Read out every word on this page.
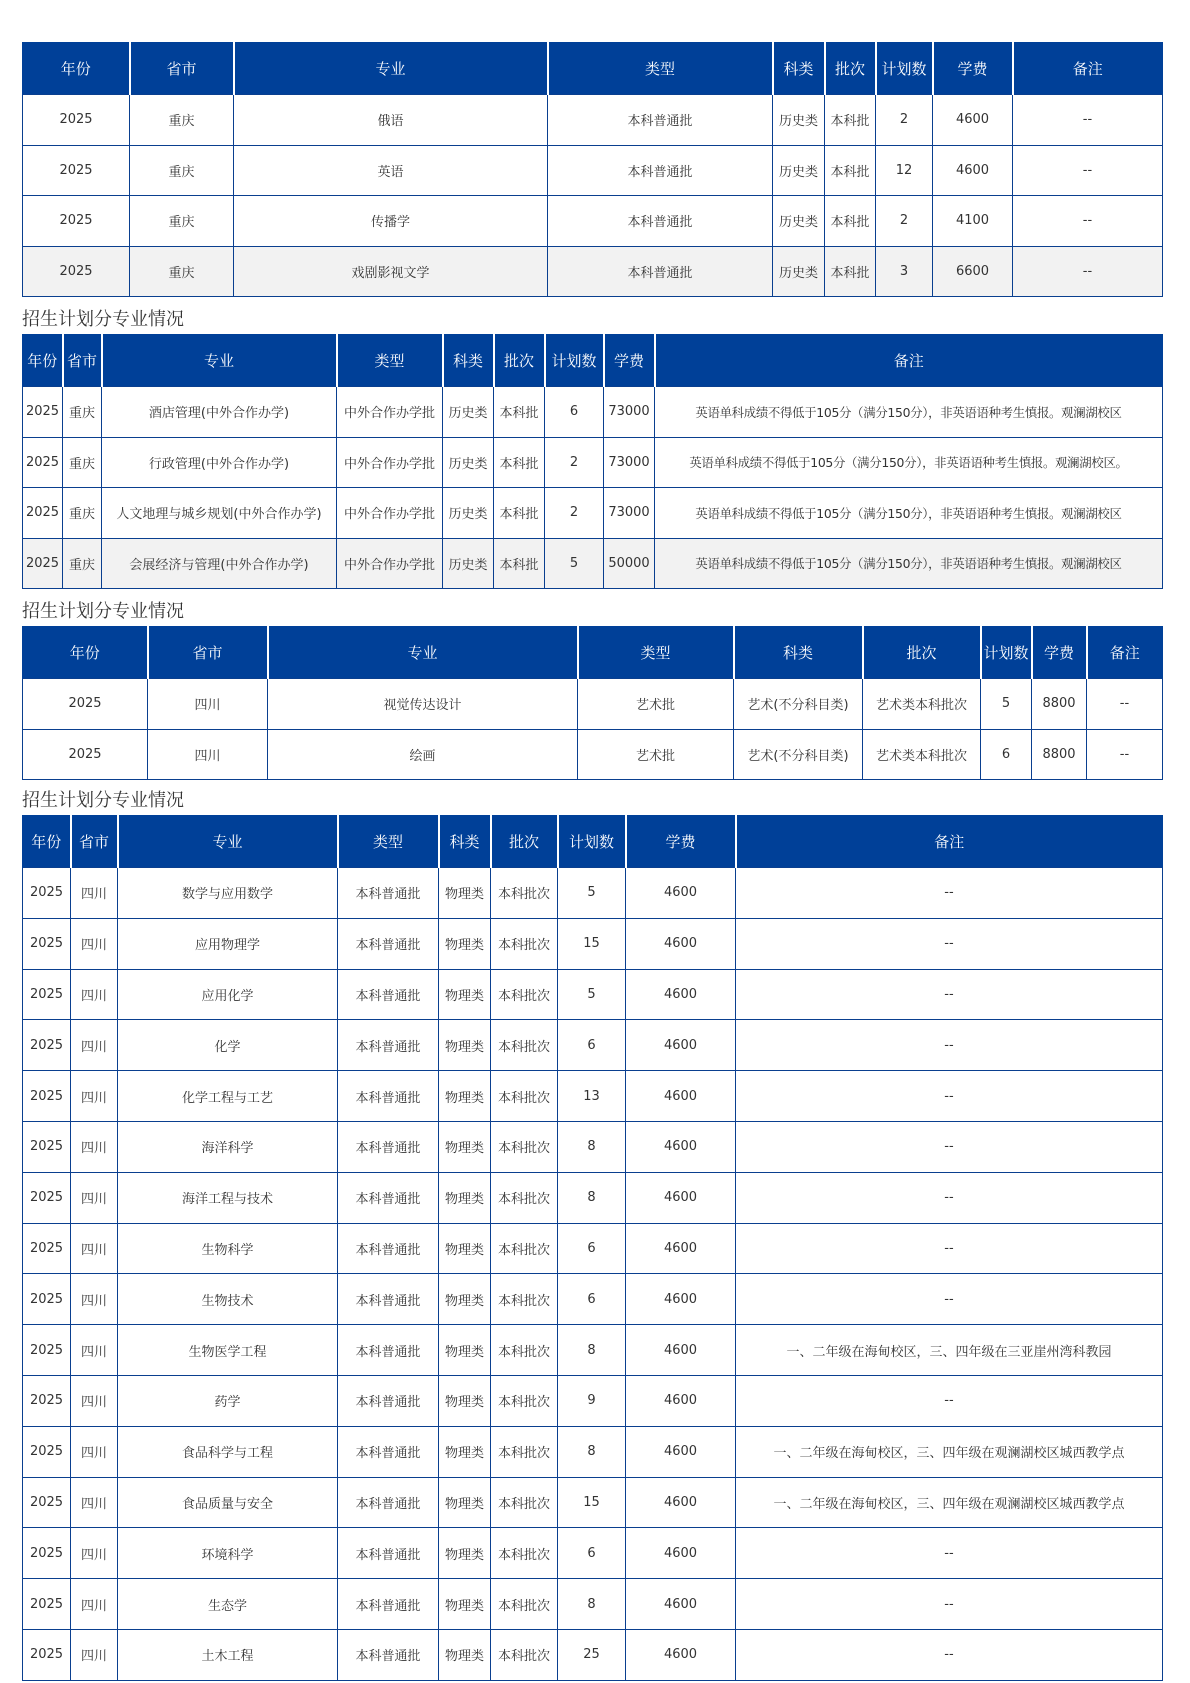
招生计划分专业情况
招生计划分专业情况
招生计划分专业情况
年份	省市	专业	类型	科类	批次	计划数	学费	备注
2025	重庆	俄语	本科普通批	历史类	本科批	2	4600	--
2025	重庆	英语	本科普通批	历史类	本科批	12	4600	--
2025	重庆	传播学	本科普通批	历史类	本科批	2	4100	--
2025	重庆	戏剧影视文学	本科普通批	历史类	本科批	3	6600	--
年份	省市	专业	类型	科类	批次	计划数	学费	备注
2025	重庆	酒店管理(中外合作办学)	中外合作办学批	历史类	本科批	6	73000	英语单科成绩不得低于105分（满分150分），非英语语种考生慎报。观澜湖校区
2025	重庆	行政管理(中外合作办学)	中外合作办学批	历史类	本科批	2	73000	英语单科成绩不得低于105分（满分150分），非英语语种考生慎报。观澜湖校区。
2025	重庆	人文地理与城乡规划(中外合作办学)	中外合作办学批	历史类	本科批	2	73000	英语单科成绩不得低于105分（满分150分），非英语语种考生慎报。观澜湖校区
2025	重庆	会展经济与管理(中外合作办学)	中外合作办学批	历史类	本科批	5	50000	英语单科成绩不得低于105分（满分150分），非英语语种考生慎报。观澜湖校区
年份	省市	专业	类型	科类	批次	计划数	学费	备注
2025	四川	视觉传达设计	艺术批	艺术(不分科目类)	艺术类本科批次	5	8800	--
2025	四川	绘画	艺术批	艺术(不分科目类)	艺术类本科批次	6	8800	--
年份	省市	专业	类型	科类	批次	计划数	学费	备注
2025	四川	数学与应用数学	本科普通批	物理类	本科批次	5	4600	--
2025	四川	应用物理学	本科普通批	物理类	本科批次	15	4600	--
2025	四川	应用化学	本科普通批	物理类	本科批次	5	4600	--
2025	四川	化学	本科普通批	物理类	本科批次	6	4600	--
2025	四川	化学工程与工艺	本科普通批	物理类	本科批次	13	4600	--
2025	四川	海洋科学	本科普通批	物理类	本科批次	8	4600	--
2025	四川	海洋工程与技术	本科普通批	物理类	本科批次	8	4600	--
2025	四川	生物科学	本科普通批	物理类	本科批次	6	4600	--
2025	四川	生物技术	本科普通批	物理类	本科批次	6	4600	--
2025	四川	生物医学工程	本科普通批	物理类	本科批次	8	4600	一、二年级在海甸校区，三、四年级在三亚崖州湾科教园
2025	四川	药学	本科普通批	物理类	本科批次	9	4600	--
2025	四川	食品科学与工程	本科普通批	物理类	本科批次	8	4600	一、二年级在海甸校区，三、四年级在观澜湖校区城西教学点
2025	四川	食品质量与安全	本科普通批	物理类	本科批次	15	4600	一、二年级在海甸校区，三、四年级在观澜湖校区城西教学点
2025	四川	环境科学	本科普通批	物理类	本科批次	6	4600	--
2025	四川	生态学	本科普通批	物理类	本科批次	8	4600	--
2025	四川	土木工程	本科普通批	物理类	本科批次	25	4600	--
